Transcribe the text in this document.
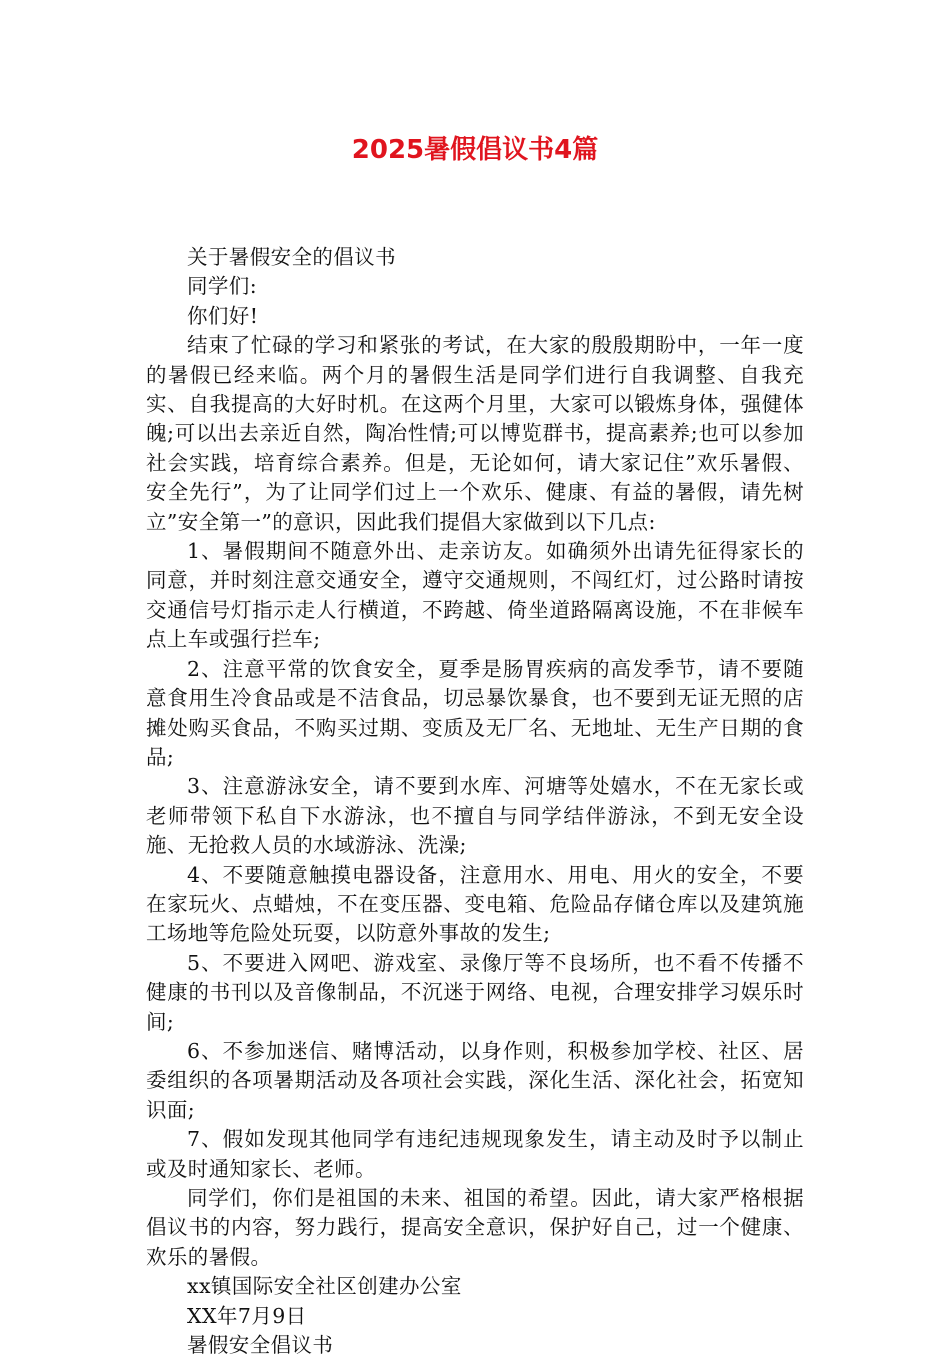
2025暑假倡议书4篇

关于暑假安全的倡议书

同学们:

你们好!

结束了忙碌的学习和紧张的考试，在大家的殷殷期盼中，一年一度的暑假已经来临。两个月的暑假生活是同学们进行自我调整、自我充实、自我提高的大好时机。在这两个月里，大家可以锻炼身体，强健体魄;可以出去亲近自然，陶冶性情;可以博览群书，提高素养;也可以参加社会实践，培育综合素养。但是，无论如何，请大家记住”欢乐暑假、安全先行”，为了让同学们过上一个欢乐、健康、有益的暑假，请先树立”安全第一”的意识，因此我们提倡大家做到以下几点:

1、暑假期间不随意外出、走亲访友。如确须外出请先征得家长的同意，并时刻注意交通安全，遵守交通规则，不闯红灯，过公路时请按交通信号灯指示走人行横道，不跨越、倚坐道路隔离设施，不在非候车点上车或强行拦车;

2、注意平常的饮食安全，夏季是肠胃疾病的高发季节，请不要随意食用生冷食品或是不洁食品，切忌暴饮暴食，也不要到无证无照的店摊处购买食品，不购买过期、变质及无厂名、无地址、无生产日期的食品;

3、注意游泳安全，请不要到水库、河塘等处嬉水，不在无家长或老师带领下私自下水游泳，也不擅自与同学结伴游泳，不到无安全设施、无抢救人员的水域游泳、洗澡;

4、不要随意触摸电器设备，注意用水、用电、用火的安全，不要在家玩火、点蜡烛，不在变压器、变电箱、危险品存储仓库以及建筑施工场地等危险处玩耍，以防意外事故的发生;

5、不要进入网吧、游戏室、录像厅等不良场所，也不看不传播不健康的书刊以及音像制品，不沉迷于网络、电视，合理安排学习娱乐时间;

6、不参加迷信、赌博活动，以身作则，积极参加学校、社区、居委组织的各项暑期活动及各项社会实践，深化生活、深化社会，拓宽知识面;

7、假如发现其他同学有违纪违规现象发生，请主动及时予以制止或及时通知家长、老师。

同学们，你们是祖国的未来、祖国的希望。因此，请大家严格根据倡议书的内容，努力践行，提高安全意识，保护好自己，过一个健康、欢乐的暑假。

xx镇国际安全社区创建办公室

XX年7月9日

暑假安全倡议书
